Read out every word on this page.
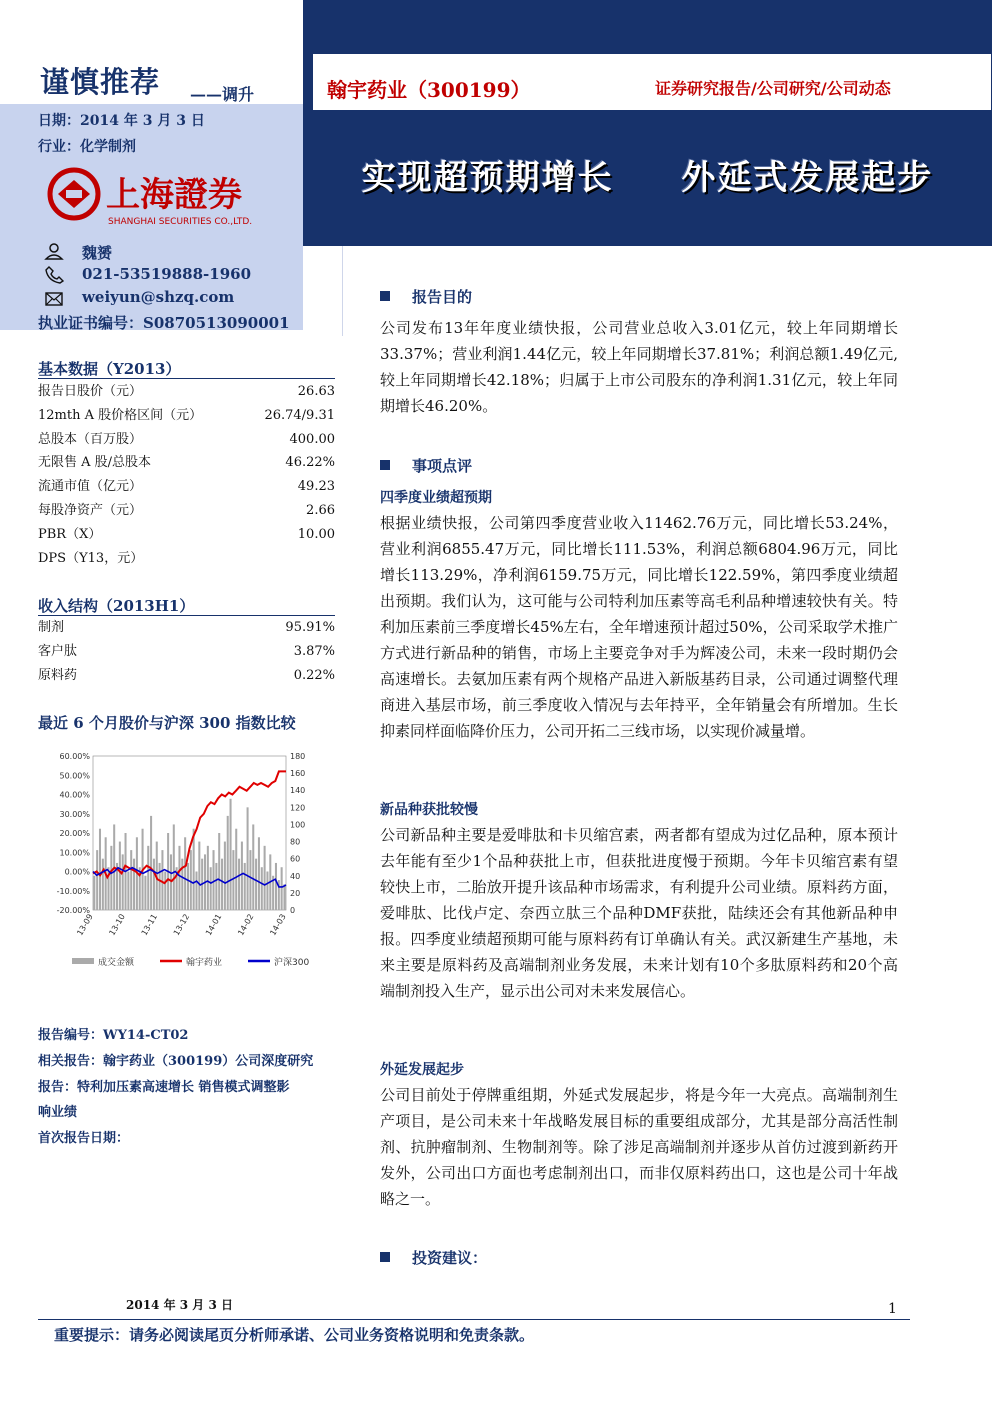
谨慎推荐 ——调升
日期：2014 年 3 月 3 日
行业：化学制剂
上海證券
SHANGHAI SECURITIES CO.,LTD.
魏赟
021-53519888-1960
weiyun@shzq.com
执业证书编号：S0870513090001
翰宇药业（300199）	证券研究报告/公司研究/公司动态
实现超预期增长 外延式发展起步
基本数据（Y2013）
报告日股价（元）	26.63
12mth A 股价格区间（元）	26.74/9.31
总股本（百万股）	400.00
无限售 A 股/总股本	46.22%
流通市值（亿元）	49.23
每股净资产（元）	2.66
PBR（X）	10.00
DPS（Y13，元）
收入结构（2013H1）
制剂	95.91%
客户肽	3.87%
原料药	0.22%
最近 6 个月股价与沪深 300 指数比较
60.00%
50.00%
40.00%
30.00%
20.00%
10.00%
0.00%
-10.00%
-20.00%
180
160
140
120
100
80
60
40
20
0
13-09 13-10 13-11 13-12 14-01 14-02 14-03
成交金额	翰宇药业	沪深300
报告编号：WY14-CT02
相关报告：翰宇药业（300199）公司深度研究
报告：特利加压素高速增长 销售模式调整影
响业绩
首次报告日期：
报告目的
公司发布13年年度业绩快报，公司营业总收入3.01亿元，较上年同期增长33.37%；营业利润1.44亿元，较上年同期增长37.81%；利润总额1.49亿元,较上年同期增长42.18%；归属于上市公司股东的净利润1.31亿元，较上年同期增长46.20%。
事项点评
四季度业绩超预期
根据业绩快报，公司第四季度营业收入11462.76万元，同比增长53.24%，营业利润6855.47万元，同比增长111.53%，利润总额6804.96万元，同比增长113.29%，净利润6159.75万元，同比增长122.59%，第四季度业绩超出预期。我们认为，这可能与公司特利加压素等高毛利品种增速较快有关。特利加压素前三季度增长45%左右，全年增速预计超过50%，公司采取学术推广方式进行新品种的销售，市场上主要竞争对手为辉凌公司，未来一段时期仍会高速增长。去氨加压素有两个规格产品进入新版基药目录，公司通过调整代理商进入基层市场，前三季度收入情况与去年持平，全年销量会有所增加。生长抑素同样面临降价压力，公司开拓二三线市场，以实现价减量增。
新品种获批较慢
公司新品种主要是爱啡肽和卡贝缩宫素，两者都有望成为过亿品种，原本预计去年能有至少1个品种获批上市，但获批进度慢于预期。今年卡贝缩宫素有望较快上市，二胎放开提升该品种市场需求，有利提升公司业绩。原料药方面，爱啡肽、比伐卢定、奈西立肽三个品种DMF获批，陆续还会有其他新品种申报。四季度业绩超预期可能与原料药有订单确认有关。武汉新建生产基地，未来主要是原料药及高端制剂业务发展，未来计划有10个多肽原料药和20个高端制剂投入生产，显示出公司对未来发展信心。
外延发展起步
公司目前处于停牌重组期，外延式发展起步，将是今年一大亮点。高端制剂生产项目，是公司未来十年战略发展目标的重要组成部分，尤其是部分高活性制剂、抗肿瘤制剂、生物制剂等。除了涉足高端制剂并逐步从首仿过渡到新药开发外，公司出口方面也考虑制剂出口，而非仅原料药出口，这也是公司十年战略之一。
投资建议：
2014 年 3 月 3 日	1
重要提示：请务必阅读尾页分析师承诺、公司业务资格说明和免责条款。
